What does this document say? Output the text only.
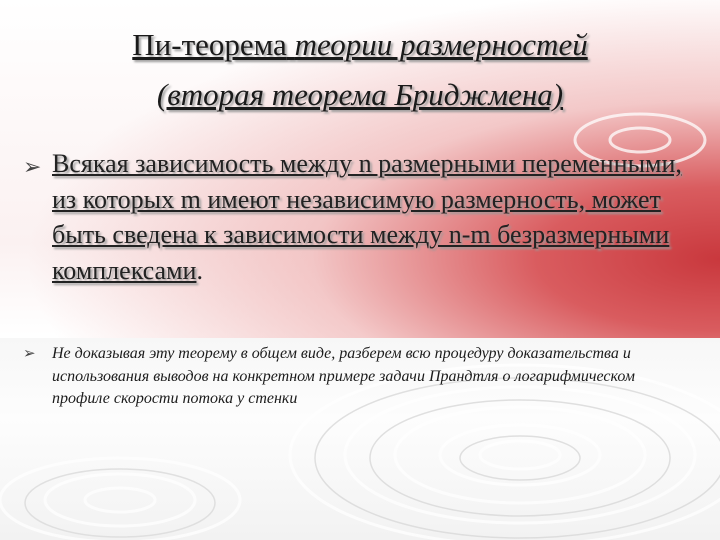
Пи-теорема теории размерностей
(вторая теорема Бриджмена)
➢ Всякая зависимость между n размерными переменными, из которых m имеют независимую размерность, может быть сведена к зависимости между n-m безразмерными комплексами.
➢ Не доказывая эту теорему в общем виде, разберем всю процедуру доказательства и использования выводов на конкретном примере задачи Прандтля о логарифмическом профиле скорости потока у стенки
